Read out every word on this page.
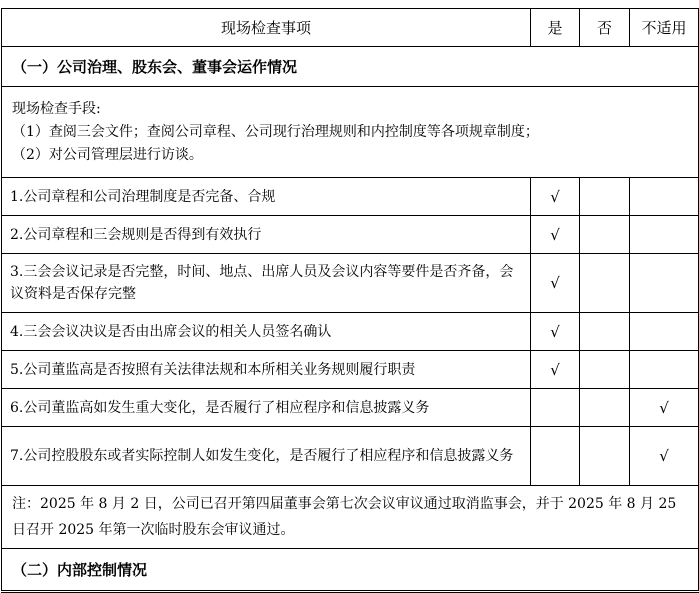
现场检查事项	是	否	不适用
（一）公司治理、股东会、董事会运作情况			

现场检查手段:
（1）查阅三会文件；查阅公司章程、公司现行治理规则和内控制度等各项规章制度；
（2）对公司管理层进行访谈。			

1.公司章程和公司治理制度是否完备、合规	√		
2.公司章程和三会规则是否得到有效执行	√		
3.三会会议记录是否完整，时间、地点、出席人员及会议内容等要件是否齐备，会议资料是否保存完整	√		
4.三会会议决议是否由出席会议的相关人员签名确认	√		
5.公司董监高是否按照有关法律法规和本所相关业务规则履行职责	√		
6.公司董监高如发生重大变化，是否履行了相应程序和信息披露义务			√
7.公司控股股东或者实际控制人如发生变化，是否履行了相应程序和信息披露义务			√
注：2025 年 8 月 2 日，公司已召开第四届董事会第七次会议审议通过取消监事会，并于 2025 年 8 月 25 日召开 2025 年第一次临时股东会审议通过。			
（二）内部控制情况			
